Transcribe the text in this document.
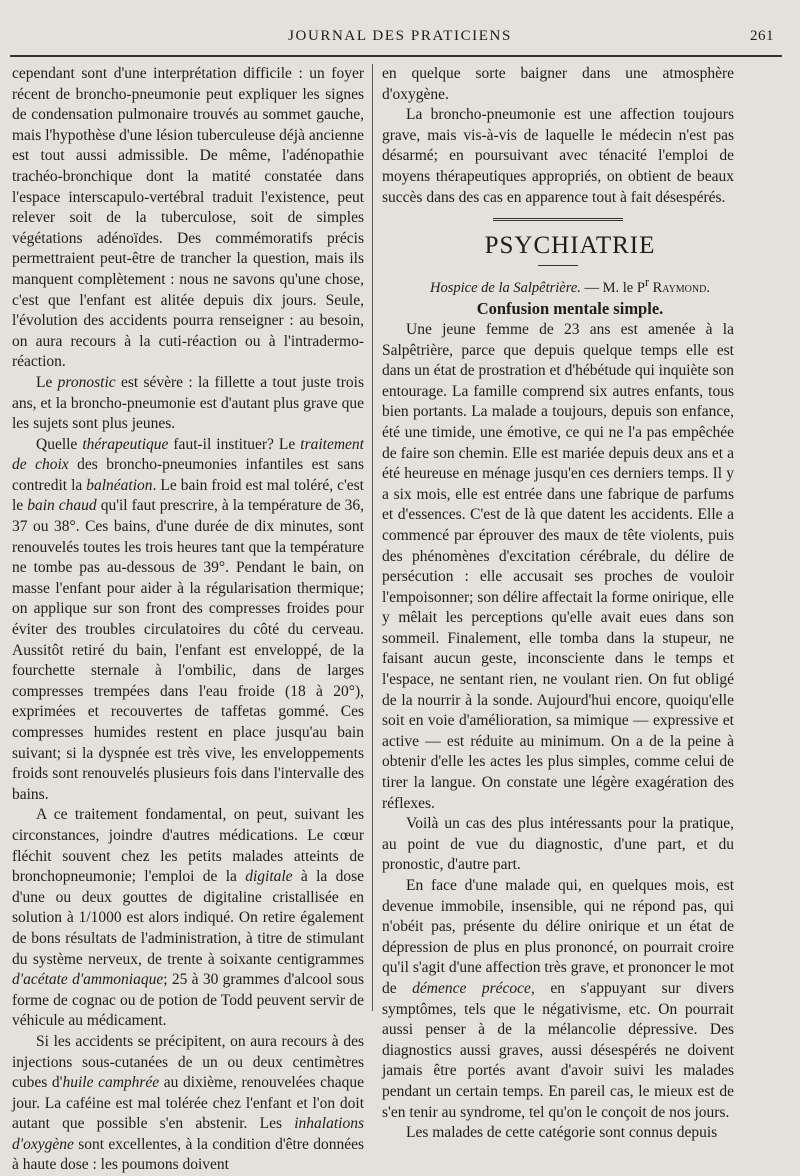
JOURNAL DES PRATICIENS	261

cependant sont d'une interprétation difficile : un foyer récent de broncho-pneumonie peut expliquer les signes de condensation pulmonaire trouvés au sommet gauche, mais l'hypothèse d'une lésion tuberculeuse déjà ancienne est tout aussi admissible. De même, l'adénopathie trachéo-bronchique dont la matité constatée dans l'espace interscapulo-vertébral traduit l'existence, peut relever soit de la tuberculose, soit de simples végétations adénoïdes. Des commémoratifs précis permettraient peut-être de trancher la question, mais ils manquent complètement : nous ne savons qu'une chose, c'est que l'enfant est alitée depuis dix jours. Seule, l'évolution des accidents pourra renseigner : au besoin, on aura recours à la cuti-réaction ou à l'intradermo-réaction.

Le pronostic est sévère : la fillette a tout juste trois ans, et la broncho-pneumonie est d'autant plus grave que les sujets sont plus jeunes.

Quelle thérapeutique faut-il instituer? Le traitement de choix des broncho-pneumonies infantiles est sans contredit la balnéation. Le bain froid est mal toléré, c'est le bain chaud qu'il faut prescrire, à la température de 36, 37 ou 38°. Ces bains, d'une durée de dix minutes, sont renouvelés toutes les trois heures tant que la température ne tombe pas au-dessous de 39°. Pendant le bain, on masse l'enfant pour aider à la régularisation thermique; on applique sur son front des compresses froides pour éviter des troubles circulatoires du côté du cerveau. Aussitôt retiré du bain, l'enfant est enveloppé, de la fourchette sternale à l'ombilic, dans de larges compresses trempées dans l'eau froide (18 à 20°), exprimées et recouvertes de taffetas gommé. Ces compresses humides restent en place jusqu'au bain suivant; si la dyspnée est très vive, les enveloppements froids sont renouvelés plusieurs fois dans l'intervalle des bains.

A ce traitement fondamental, on peut, suivant les circonstances, joindre d'autres médications. Le cœur fléchit souvent chez les petits malades atteints de bronchopneumonie; l'emploi de la digitale à la dose d'une ou deux gouttes de digitaline cristallisée en solution à 1/1000 est alors indiqué. On retire également de bons résultats de l'administration, à titre de stimulant du système nerveux, de trente à soixante centigrammes d'acétate d'ammoniaque; 25 à 30 grammes d'alcool sous forme de cognac ou de potion de Todd peuvent servir de véhicule au médicament.

Si les accidents se précipitent, on aura recours à des injections sous-cutanées de un ou deux centimètres cubes d'huile camphrée au dixième, renouvelées chaque jour. La caféine est mal tolérée chez l'enfant et l'on doit autant que possible s'en abstenir. Les inhalations d'oxygène sont excellentes, à la condition d'être données à haute dose : les poumons doivent

en quelque sorte baigner dans une atmosphère d'oxygène.

La broncho-pneumonie est une affection toujours grave, mais vis-à-vis de laquelle le médecin n'est pas désarmé; en poursuivant avec ténacité l'emploi de moyens thérapeutiques appropriés, on obtient de beaux succès dans des cas en apparence tout à fait désespérés.

PSYCHIATRIE

Hospice de la Salpêtrière. — M. le $P^r$ Raymond.

Confusion mentale simple.

Une jeune femme de 23 ans est amenée à la Salpêtrière, parce que depuis quelque temps elle est dans un état de prostration et d'hébétude qui inquiète son entourage. La famille comprend six autres enfants, tous bien portants. La malade a toujours, depuis son enfance, été une timide, une émotive, ce qui ne l'a pas empêchée de faire son chemin. Elle est mariée depuis deux ans et a été heureuse en ménage jusqu'en ces derniers temps. Il y a six mois, elle est entrée dans une fabrique de parfums et d'essences. C'est de là que datent les accidents. Elle a commencé par éprouver des maux de tête violents, puis des phénomènes d'excitation cérébrale, du délire de persécution : elle accusait ses proches de vouloir l'empoisonner; son délire affectait la forme onirique, elle y mêlait les perceptions qu'elle avait eues dans son sommeil. Finalement, elle tomba dans la stupeur, ne faisant aucun geste, inconsciente dans le temps et l'espace, ne sentant rien, ne voulant rien. On fut obligé de la nourrir à la sonde. Aujourd'hui encore, quoiqu'elle soit en voie d'amélioration, sa mimique — expressive et active — est réduite au minimum. On a de la peine à obtenir d'elle les actes les plus simples, comme celui de tirer la langue. On constate une légère exagération des réflexes.

Voilà un cas des plus intéressants pour la pratique, au point de vue du diagnostic, d'une part, et du pronostic, d'autre part.

En face d'une malade qui, en quelques mois, est devenue immobile, insensible, qui ne répond pas, qui n'obéit pas, présente du délire onirique et un état de dépression de plus en plus prononcé, on pourrait croire qu'il s'agit d'une affection très grave, et prononcer le mot de démence précoce, en s'appuyant sur divers symptômes, tels que le négativisme, etc. On pourrait aussi penser à de la mélancolie dépressive. Des diagnostics aussi graves, aussi désespérés ne doivent jamais être portés avant d'avoir suivi les malades pendant un certain temps. En pareil cas, le mieux est de s'en tenir au syndrome, tel qu'on le conçoit de nos jours.

Les malades de cette catégorie sont connus depuis
